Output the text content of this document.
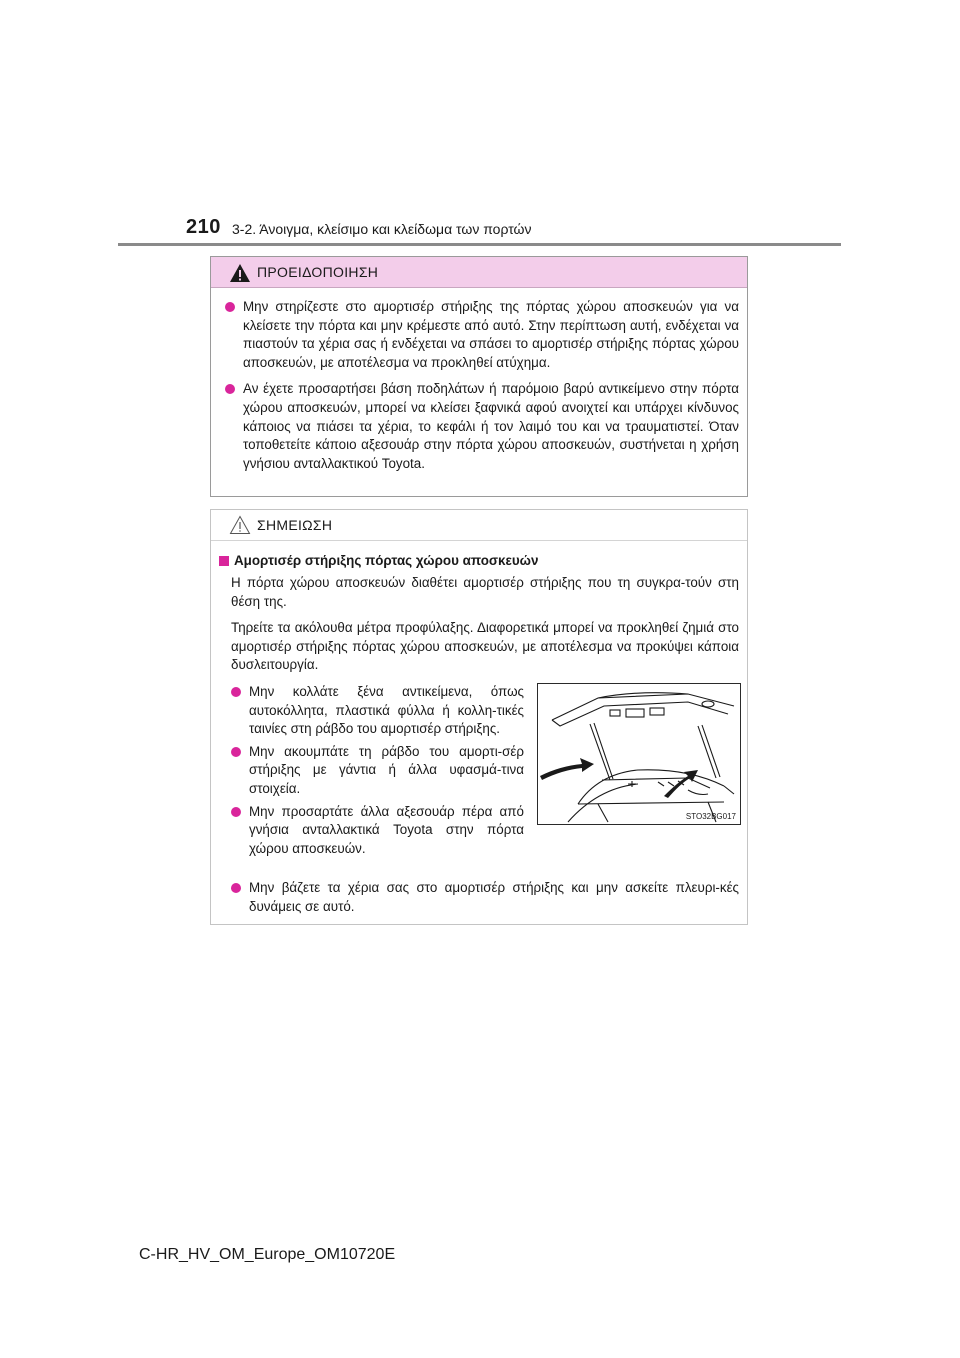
210 3-2. Άνοιγμα, κλείσιμο και κλείδωμα των πορτών
ΠΡΟΕΙΔΟΠΟΙΗΣΗ
Μην στηρίζεστε στο αμορτισέρ στήριξης της πόρτας χώρου αποσκευών για να κλείσετε την πόρτα και μην κρέμεστε από αυτό. Στην περίπτωση αυτή, ενδέχεται να πιαστούν τα χέρια σας ή ενδέχεται να σπάσει το αμορτισέρ στήριξης πόρτας χώρου αποσκευών, με αποτέλεσμα να προκληθεί ατύχημα.
Αν έχετε προσαρτήσει βάση ποδηλάτων ή παρόμοιο βαρύ αντικείμενο στην πόρτα χώρου αποσκευών, μπορεί να κλείσει ξαφνικά αφού ανοιχτεί και υπάρχει κίνδυνος κάποιος να πιάσει τα χέρια, το κεφάλι ή τον λαιμό του και να τραυματιστεί. Όταν τοποθετείτε κάποιο αξεσουάρ στην πόρτα χώρου αποσκευών, συστήνεται η χρήση γνήσιου ανταλλακτικού Toyota.
ΣΗΜΕΙΩΣΗ
Αμορτισέρ στήριξης πόρτας χώρου αποσκευών
Η πόρτα χώρου αποσκευών διαθέτει αμορτισέρ στήριξης που τη συγκρα-τούν στη θέση της.
Τηρείτε τα ακόλουθα μέτρα προφύλαξης. Διαφορετικά μπορεί να προκληθεί ζημιά στο αμορτισέρ στήριξης πόρτας χώρου αποσκευών, με αποτέλεσμα να προκύψει κάποια δυσλειτουργία.
Μην κολλάτε ξένα αντικείμενα, όπως αυτοκόλλητα, πλαστικά φύλλα ή κολλη-τικές ταινίες στη ράβδο του αμορτισέρ στήριξης.
Μην ακουμπάτε τη ράβδο του αμορτι-σέρ στήριξης με γάντια ή άλλα υφασμά-τινα στοιχεία.
Μην προσαρτάτε άλλα αξεσουάρ πέρα από γνήσια ανταλλακτικά Toyota στην πόρτα χώρου αποσκευών.
STO32BG017
Μην βάζετε τα χέρια σας στο αμορτισέρ στήριξης και μην ασκείτε πλευρι-κές δυνάμεις σε αυτό.
C-HR_HV_OM_Europe_OM10720E
